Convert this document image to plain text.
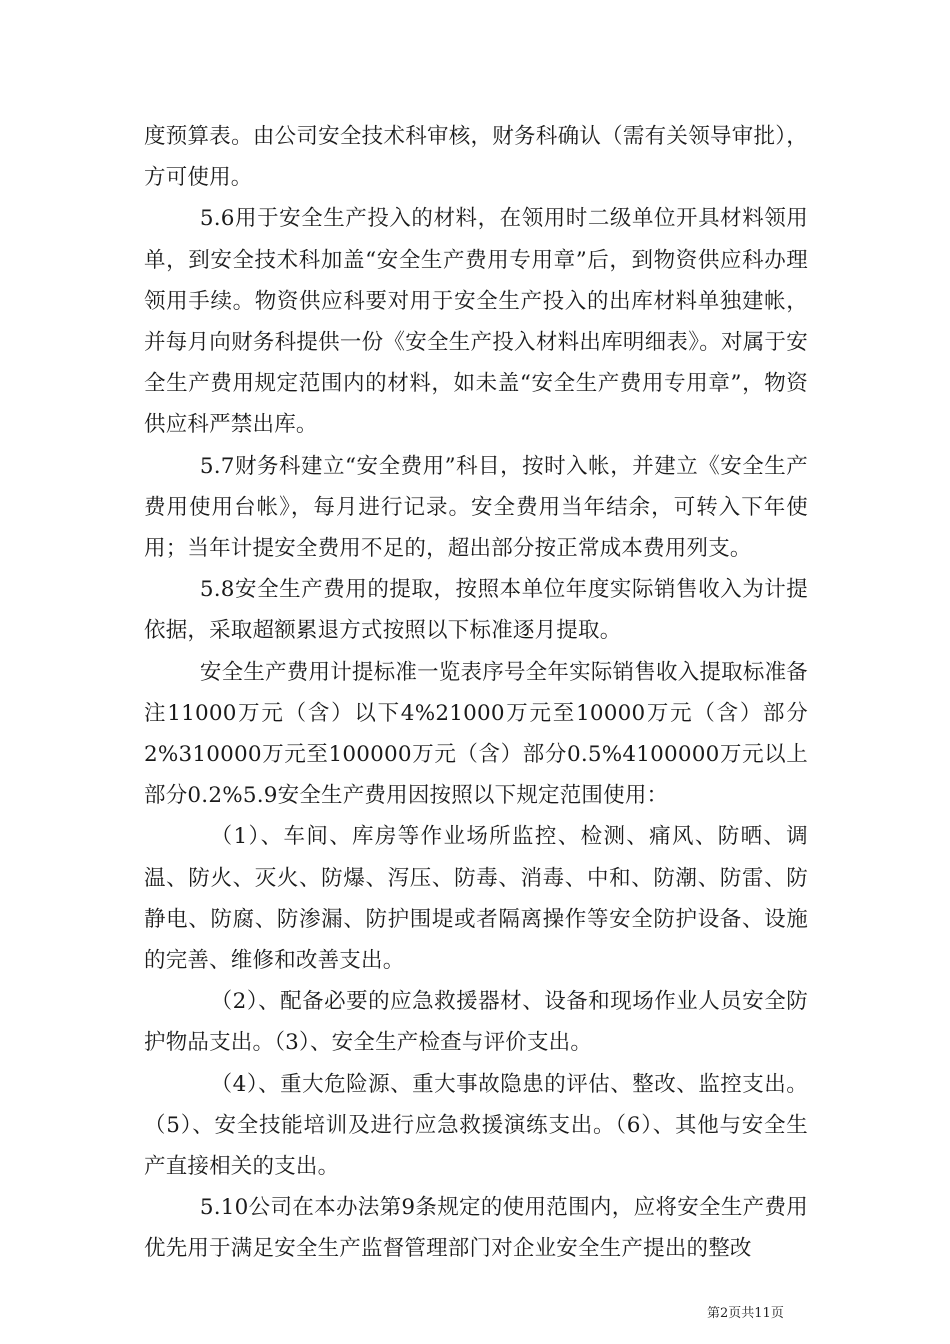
度预算表。由公司安全技术科审核，财务科确认（需有关领导审批），方可使用。

5.6用于安全生产投入的材料，在领用时二级单位开具材料领用单，到安全技术科加盖“安全生产费用专用章”后，到物资供应科办理领用手续。物资供应科要对用于安全生产投入的出库材料单独建帐，并每月向财务科提供一份《安全生产投入材料出库明细表》。对属于安全生产费用规定范围内的材料，如未盖“安全生产费用专用章”，物资供应科严禁出库。

5.7财务科建立“安全费用”科目，按时入帐，并建立《安全生产费用使用台帐》，每月进行记录。安全费用当年结余，可转入下年使用；当年计提安全费用不足的，超出部分按正常成本费用列支。

5.8安全生产费用的提取，按照本单位年度实际销售收入为计提依据，采取超额累退方式按照以下标准逐月提取。

安全生产费用计提标准一览表序号全年实际销售收入提取标准备注11000万元（含）以下4%21000万元至10000万元（含）部分2%310000万元至100000万元（含）部分0.5%4100000万元以上部分0.2%5.9安全生产费用因按照以下规定范围使用：

（1）、车间、库房等作业场所监控、检测、痛风、防晒、调温、防火、灭火、防爆、泻压、防毒、消毒、中和、防潮、防雷、防静电、防腐、防渗漏、防护围堤或者隔离操作等安全防护设备、设施的完善、维修和改善支出。

（2）、配备必要的应急救援器材、设备和现场作业人员安全防护物品支出。（3）、安全生产检查与评价支出。

（4）、重大危险源、重大事故隐患的评估、整改、监控支出。（5）、安全技能培训及进行应急救援演练支出。（6）、其他与安全生产直接相关的支出。

5.10公司在本办法第9条规定的使用范围内，应将安全生产费用优先用于满足安全生产监督管理部门对企业安全生产提出的整改

第2页共11页
